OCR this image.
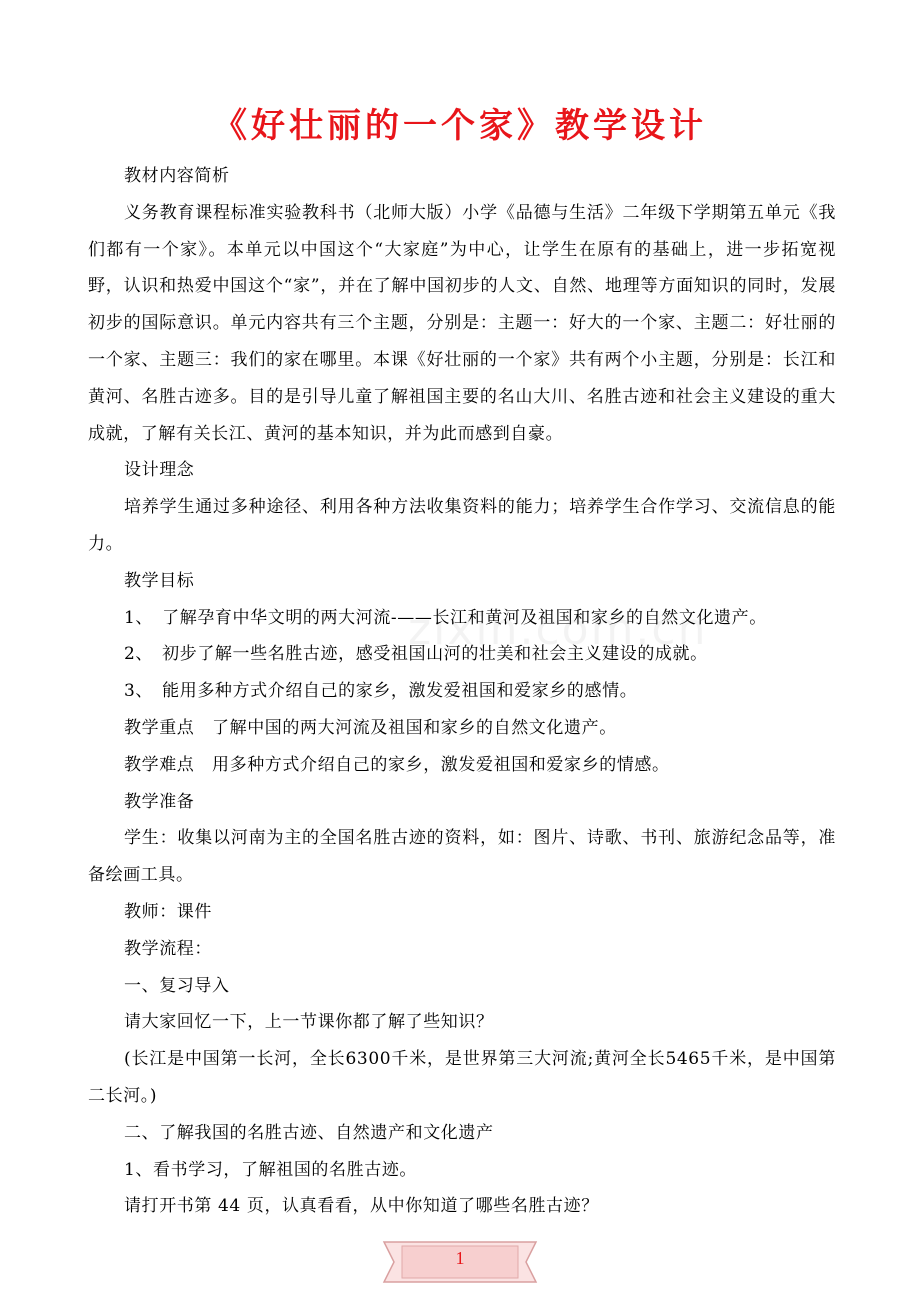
《好壮丽的一个家》教学设计

教材内容简析

义务教育课程标准实验教科书（北师大版）小学《品德与生活》二年级下学期第五单元《我们都有一个家》。本单元以中国这个“大家庭”为中心，让学生在原有的基础上，进一步拓宽视野，认识和热爱中国这个“家”，并在了解中国初步的人文、自然、地理等方面知识的同时，发展初步的国际意识。单元内容共有三个主题，分别是：主题一：好大的一个家、主题二：好壮丽的一个家、主题三：我们的家在哪里。本课《好壮丽的一个家》共有两个小主题，分别是：长江和黄河、名胜古迹多。目的是引导儿童了解祖国主要的名山大川、名胜古迹和社会主义建设的重大成就，了解有关长江、黄河的基本知识，并为此而感到自豪。

设计理念

培养学生通过多种途径、利用各种方法收集资料的能力；培养学生合作学习、交流信息的能力。

教学目标

1、　了解孕育中华文明的两大河流-——长江和黄河及祖国和家乡的自然文化遗产。

2、　初步了解一些名胜古迹，感受祖国山河的壮美和社会主义建设的成就。

3、　能用多种方式介绍自己的家乡，激发爱祖国和爱家乡的感情。

教学重点　了解中国的两大河流及祖国和家乡的自然文化遗产。

教学难点　用多种方式介绍自己的家乡，激发爱祖国和爱家乡的情感。

教学准备

学生：收集以河南为主的全国名胜古迹的资料，如：图片、诗歌、书刊、旅游纪念品等，准备绘画工具。

教师：课件

教学流程：

一、复习导入

请大家回忆一下，上一节课你都了解了些知识？

(长江是中国第一长河，全长6300千米，是世界第三大河流;黄河全长5465千米，是中国第二长河。)

二、了解我国的名胜古迹、自然遗产和文化遗产

1、看书学习，了解祖国的名胜古迹。

请打开书第 44 页，认真看看，从中你知道了哪些名胜古迹？

1
